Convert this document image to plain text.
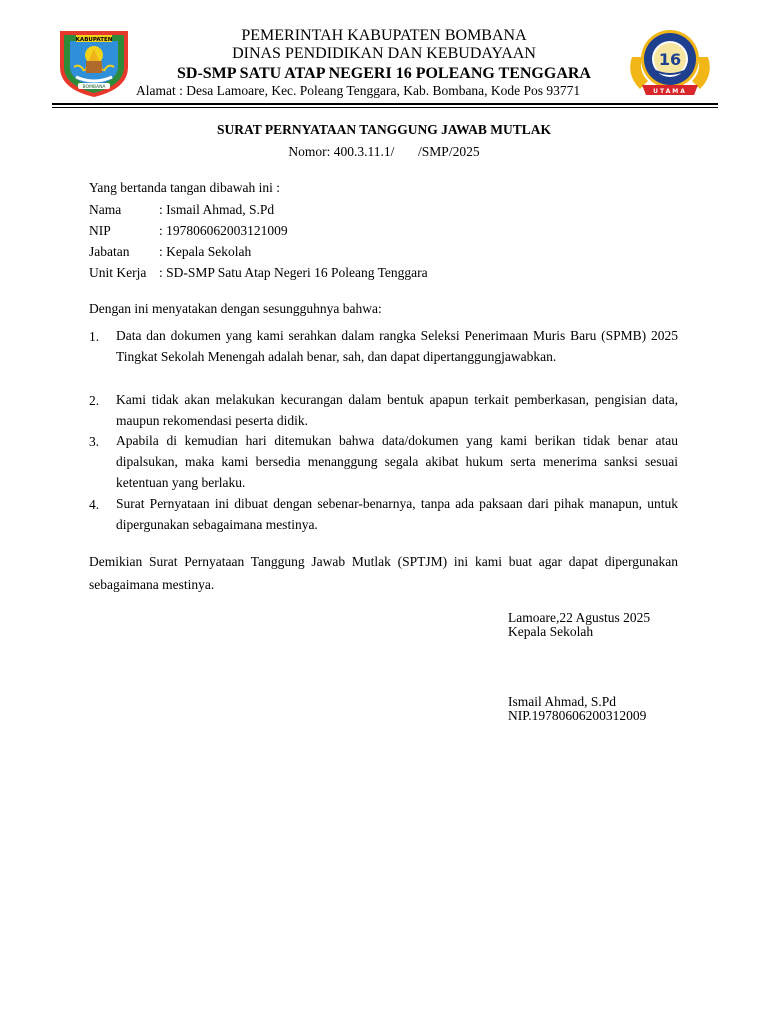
KABUPATEN
BOMBANA
16
UTAMA
PEMERINTAH KABUPATEN BOMBANA
DINAS PENDIDIKAN DAN KEBUDAYAAN
SD-SMP SATU ATAP NEGERI 16 POLEANG TENGGARA
Alamat : Desa Lamoare, Kec. Poleang Tenggara, Kab. Bombana, Kode Pos 93771
SURAT PERNYATAAN TANGGUNG JAWAB MUTLAK
Nomor: 400.3.11.1/       /SMP/2025
Yang bertanda tangan dibawah ini :
Nama	: Ismail Ahmad, S.Pd
NIP	: 197806062003121009
Jabatan : Kepala Sekolah
Unit Kerja : SD-SMP Satu Atap Negeri 16 Poleang Tenggara
Dengan ini menyatakan dengan sesungguhnya bahwa:
1. Data dan dokumen yang kami serahkan dalam rangka Seleksi Penerimaan Muris Baru (SPMB) 2025 Tingkat Sekolah Menengah adalah benar, sah, dan dapat dipertanggungjawabkan.
2. Kami tidak akan melakukan kecurangan dalam bentuk apapun terkait pemberkasan, pengisian data, maupun rekomendasi peserta didik.
3. Apabila di kemudian hari ditemukan bahwa data/dokumen yang kami berikan tidak benar atau dipalsukan, maka kami bersedia menanggung segala akibat hukum serta menerima sanksi sesuai ketentuan yang berlaku.
4. Surat Pernyataan ini dibuat dengan sebenar-benarnya, tanpa ada paksaan dari pihak manapun, untuk dipergunakan sebagaimana mestinya.
Demikian Surat Pernyataan Tanggung Jawab Mutlak (SPTJM) ini kami buat agar dapat dipergunakan sebagaimana mestinya.
Lamoare,22 Agustus 2025
Kepala Sekolah
Ismail Ahmad, S.Pd
NIP.19780606200312009
